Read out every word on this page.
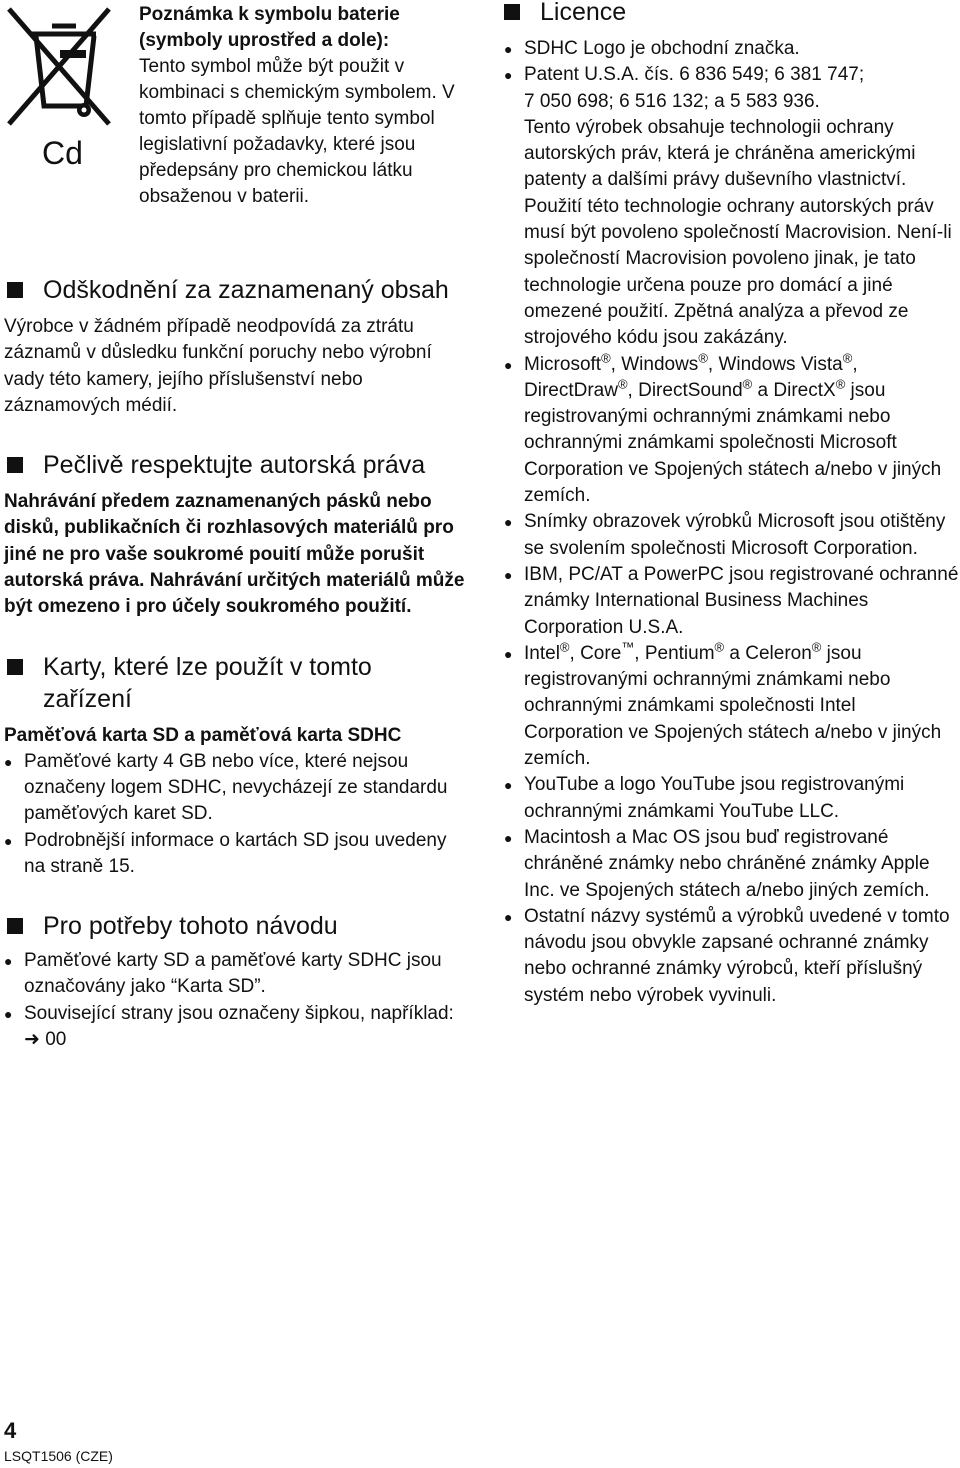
Cd
Poznámka k symbolu baterie (symboly uprostřed a dole):
Tento symbol může být použit v kombinaci s chemickým symbolem. V tomto případě splňuje tento symbol legislativní požadavky, které jsou předepsány pro chemickou látku obsaženou v baterii.
Odškodnění za zaznamenaný obsah

Výrobce v žádném případě neodpovídá za ztrátu záznamů v důsledku funkční poruchy nebo výrobní vady této kamery, jejího příslušenství nebo záznamových médií.

Pečlivě respektujte autorská práva

Nahrávání předem zaznamenaných pásků nebo disků, publikačních či rozhlasových materiálů pro jiné ne pro vaše soukromé pouití může porušit autorská práva. Nahrávání určitých materiálů může být omezeno i pro účely soukromého použití.

Karty, které lze použít v tomto zařízení
Paměťová karta SD a paměťová karta SDHC
● Paměťové karty 4 GB nebo více, které nejsou označeny logem SDHC, nevycházejí ze standardu paměťových karet SD.
● Podrobnější informace o kartách SD jsou uvedeny na straně 15.
Pro potřeby tohoto návodu
● Paměťové karty SD a paměťové karty SDHC jsou označovány jako “Karta SD”.
● Související strany jsou označeny šipkou, například: ➜ 00
Licence
● SDHC Logo je obchodní značka.
● Patent U.S.A. čís. 6 836 549; 6 381 747;
7 050 698; 6 516 132; a 5 583 936.
Tento výrobek obsahuje technologii ochrany autorských práv, která je chráněna americkými patenty a dalšími právy duševního vlastnictví. Použití této technologie ochrany autorských práv musí být povoleno společností Macrovision. Není-li společností Macrovision povoleno jinak, je tato technologie určena pouze pro domácí a jiné omezené použití. Zpětná analýza a převod ze strojového kódu jsou zakázány.
● Microsoft®, Windows®, Windows Vista®, DirectDraw®, DirectSound® a DirectX® jsou registrovanými ochrannými známkami nebo ochrannými známkami společnosti Microsoft Corporation ve Spojených státech a/nebo v jiných zemích.
● Snímky obrazovek výrobků Microsoft jsou otištěny se svolením společnosti Microsoft Corporation.
● IBM, PC/AT a PowerPC jsou registrované ochranné známky International Business Machines Corporation U.S.A.
● Intel®, Core™, Pentium® a Celeron® jsou registrovanými ochrannými známkami nebo ochrannými známkami společnosti Intel Corporation ve Spojených státech a/nebo v jiných zemích.
● YouTube a logo YouTube jsou registrovanými ochrannými známkami YouTube LLC.
● Macintosh a Mac OS jsou buď registrované chráněné známky nebo chráněné známky Apple Inc. ve Spojených státech a/nebo jiných zemích.
● Ostatní názvy systémů a výrobků uvedené v tomto návodu jsou obvykle zapsané ochranné známky nebo ochranné známky výrobců, kteří příslušný systém nebo výrobek vyvinuli.
4
LSQT1506 (CZE)
